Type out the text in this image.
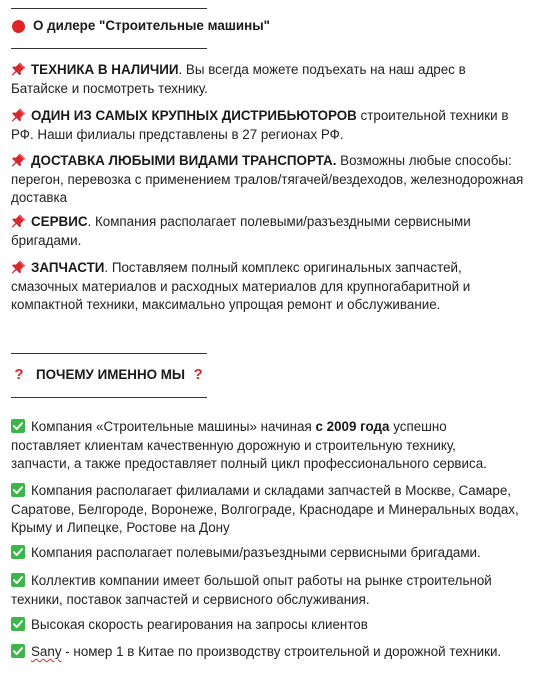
О дилере "Строительные машины"

ТЕХНИКА В НАЛИЧИИ. Вы всегда можете подъехать на наш адрес в Батайске и посмотреть технику.

ОДИН ИЗ САМЫХ КРУПНЫХ ДИСТРИБЬЮТОРОВ строительной техники в РФ. Наши филиалы представлены в 27 регионах РФ.

ДОСТАВКА ЛЮБЫМИ ВИДАМИ ТРАНСПОРТА. Возможны любые способы: перегон, перевозка с применением тралов/тягачей/вездеходов, железнодорожная доставка

СЕРВИС. Компания располагает полевыми/разъездными сервисными бригадами.

ЗАПЧАСТИ. Поставляем полный комплекс оригинальных запчастей, смазочных материалов и расходных материалов для крупногабаритной и компактной техники, максимально упрощая ремонт и обслуживание.

? ПОЧЕМУ ИМЕННО МЫ ?

Компания «Строительные машины» начиная с 2009 года успешно поставляет клиентам качественную дорожную и строительную технику, запчасти, а также предоставляет полный цикл профессионального сервиса.

Компания располагает филиалами и складами запчастей в Москве, Самаре, Саратове, Белгороде, Воронеже, Волгограде, Краснодаре и Минеральных водах, Крыму и Липецке, Ростове на Дону

Компания располагает полевыми/разъездными сервисными бригадами.

Коллектив компании имеет большой опыт работы на рынке строительной техники, поставок запчастей и сервисного обслуживания.

Высокая скорость реагирования на запросы клиентов

Sany - номер 1 в Китае по производству строительной и дорожной техники.
